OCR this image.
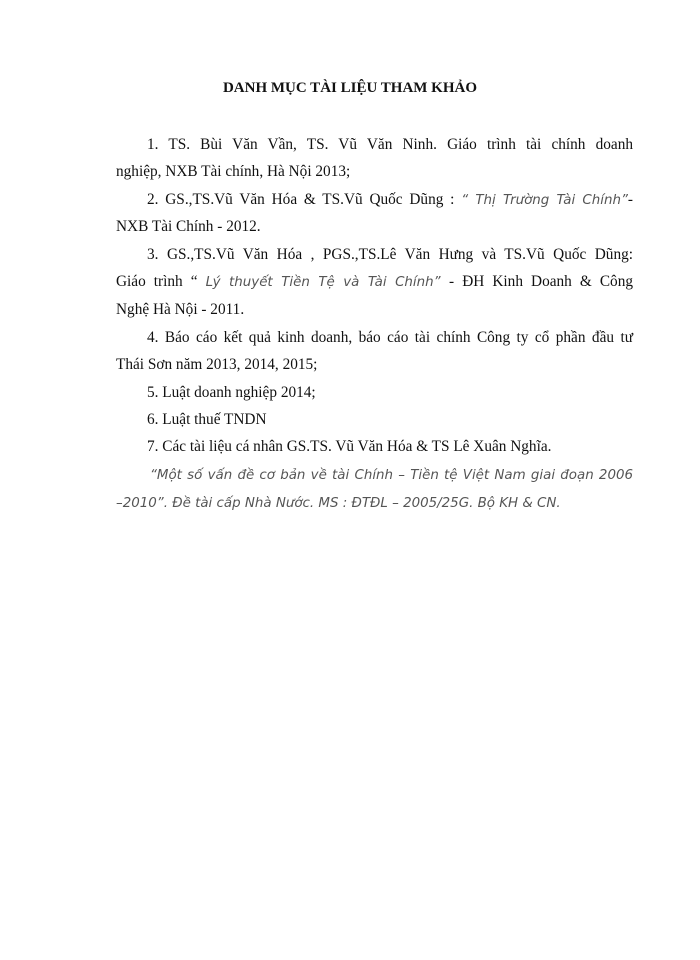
DANH MỤC TÀI LIỆU THAM KHẢO
1. TS. Bùi Văn Vần, TS. Vũ Văn Ninh. Giáo trình tài chính doanh
nghiệp, NXB Tài chính, Hà Nội 2013;
2. GS.,TS.Vũ Văn Hóa & TS.Vũ Quốc Dũng : “ Thị Trường Tài Chính”-
NXB Tài Chính - 2012.
3. GS.,TS.Vũ Văn Hóa , PGS.,TS.Lê Văn Hưng và TS.Vũ Quốc Dũng:
Giáo trình “ Lý thuyết Tiền Tệ và Tài Chính” - ĐH Kinh Doanh & Công
Nghệ Hà Nội - 2011.
4. Báo cáo kết quả kinh doanh, báo cáo tài chính Công ty cổ phần đầu tư
Thái Sơn năm 2013, 2014, 2015;
5. Luật doanh nghiệp 2014;
6. Luật thuế TNDN
7. Các tài liệu cá nhân GS.TS. Vũ Văn Hóa & TS Lê Xuân Nghĩa.
“Một số vấn đề cơ bản về tài Chính – Tiền tệ Việt Nam giai đoạn 2006
–2010”. Đề tài cấp Nhà Nước. MS : ĐTĐL – 2005/25G. Bộ KH & CN.
